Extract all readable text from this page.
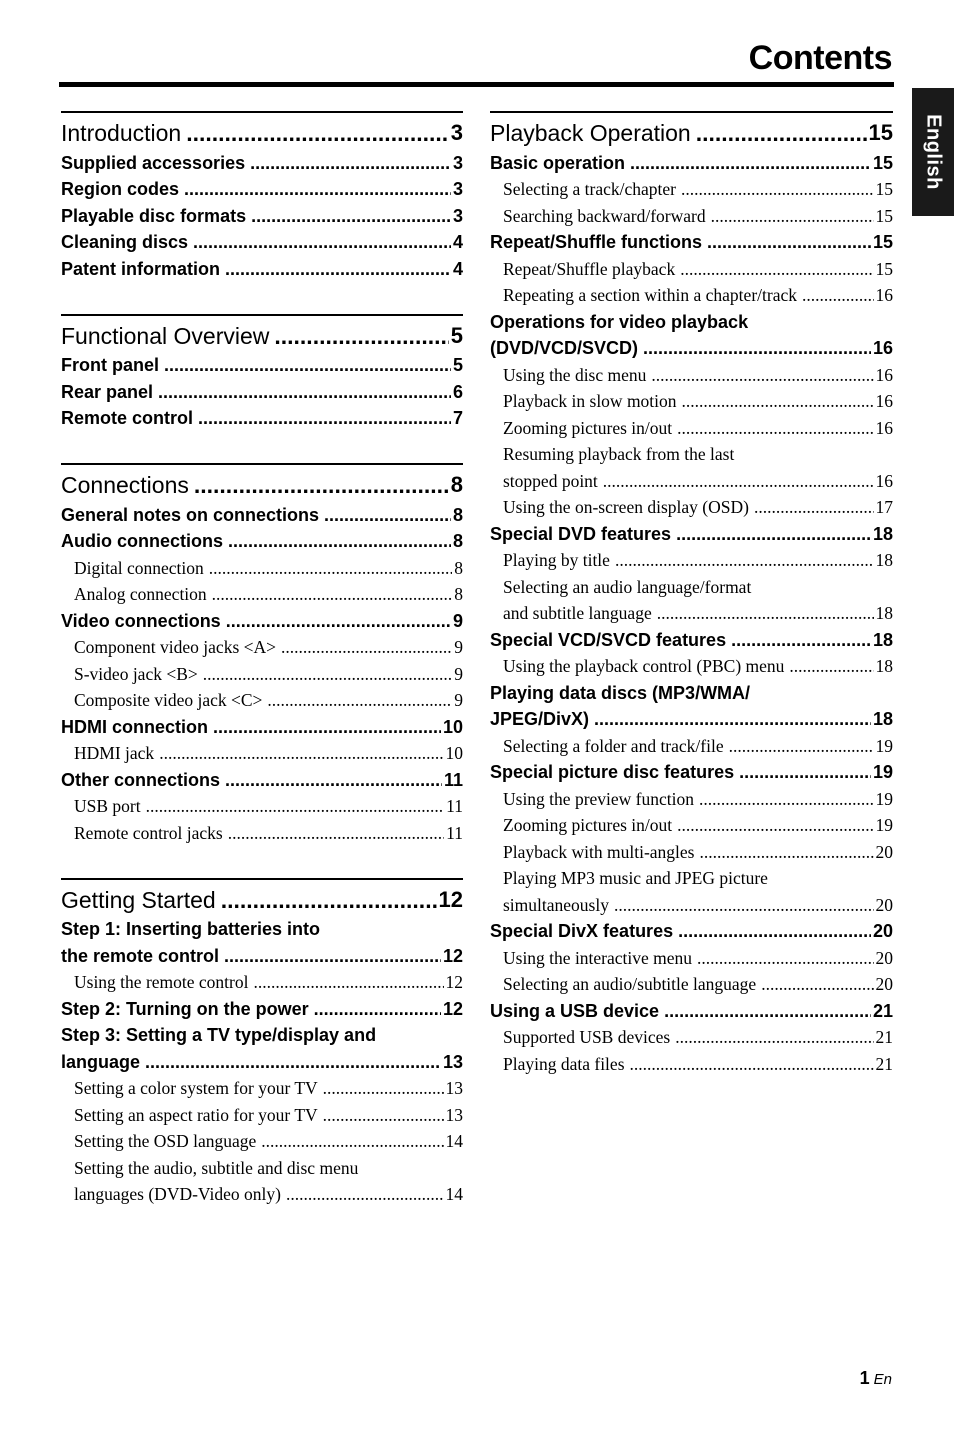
Contents
English
Introduction .....	3
Supplied accessories .....	3
Region codes .....	3
Playable disc formats .....	3
Cleaning discs .....	4
Patent information .....	4
Functional Overview .....	5
Front panel .....	5
Rear panel .....	6
Remote control .....	7
Connections .....	8
General notes on connections .....	8
Audio connections .....	8
Digital connection .....	8
Analog connection .....	8
Video connections .....	9
Component video jacks <A> .....	9
S-video jack <B> .....	9
Composite video jack <C> .....	9
HDMI connection .....	10
HDMI jack .....	10
Other connections .....	11
USB port .....	11
Remote control jacks .....	11
Getting Started .....	12
Step 1: Inserting batteries into
the remote control .....	12
Using the remote control .....	12
Step 2: Turning on the power .....	12
Step 3: Setting a TV type/display and
language .....	13
Setting a color system for your TV .....	13
Setting an aspect ratio for your TV .....	13
Setting the OSD language .....	14
Setting the audio, subtitle and disc menu
languages (DVD-Video only) .....	14
Playback Operation .....	15
Basic operation .....	15
Selecting a track/chapter .....	15
Searching backward/forward .....	15
Repeat/Shuffle functions .....	15
Repeat/Shuffle playback .....	15
Repeating a section within a chapter/track .....	16
Operations for video playback
(DVD/VCD/SVCD) .....	16
Using the disc menu .....	16
Playback in slow motion .....	16
Zooming pictures in/out .....	16
Resuming playback from the last
stopped point .....	16
Using the on-screen display (OSD) .....	17
Special DVD features .....	18
Playing by title .....	18
Selecting an audio language/format
and subtitle language .....	18
Special VCD/SVCD features .....	18
Using the playback control (PBC) menu .....	18
Playing data discs (MP3/WMA/
JPEG/DivX) .....	18
Selecting a folder and track/file .....	19
Special picture disc features .....	19
Using the preview function .....	19
Zooming pictures in/out .....	19
Playback with multi-angles .....	20
Playing MP3 music and JPEG picture
simultaneously .....	20
Special DivX features .....	20
Using the interactive menu .....	20
Selecting an audio/subtitle language .....	20
Using a USB device .....	21
Supported USB devices .....	21
Playing data files .....	21
1 En
